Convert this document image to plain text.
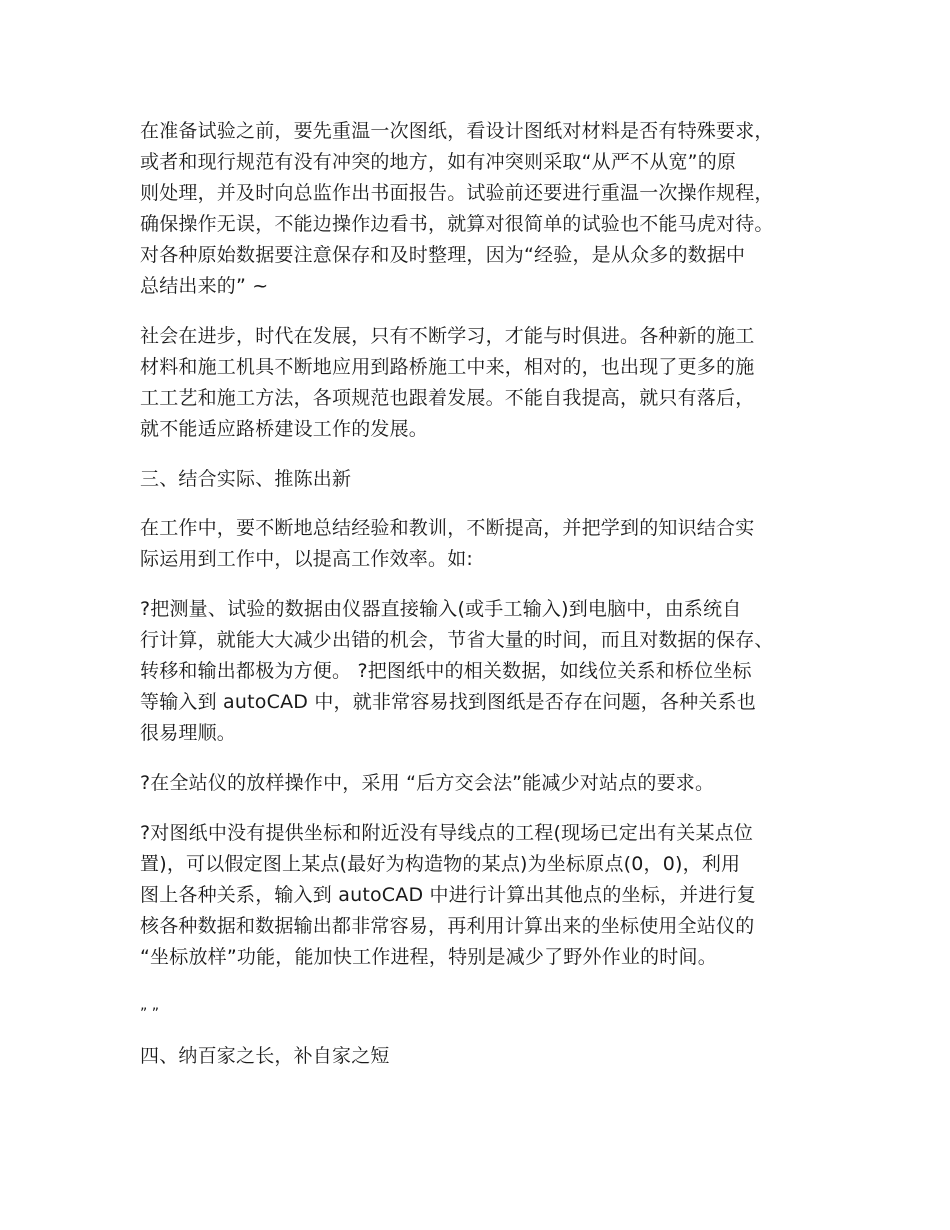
在准备试验之前，要先重温一次图纸，看设计图纸对材料是否有特殊要求，
或者和现行规范有没有冲突的地方，如有冲突则采取“从严不从宽”的原
则处理，并及时向总监作出书面报告。试验前还要进行重温一次操作规程，
确保操作无误，不能边操作边看书，就算对很简单的试验也不能马虎对待。
对各种原始数据要注意保存和及时整理，因为“经验，是从众多的数据中
总结出来的” ~
社会在进步，时代在发展，只有不断学习，才能与时俱进。各种新的施工
材料和施工机具不断地应用到路桥施工中来，相对的，也出现了更多的施
工工艺和施工方法，各项规范也跟着发展。不能自我提高，就只有落后，
就不能适应路桥建设工作的发展。
三、结合实际、推陈出新
在工作中，要不断地总结经验和教训，不断提高，并把学到的知识结合实
际运用到工作中，以提高工作效率。如:
?把测量、试验的数据由仪器直接输入(或手工输入)到电脑中，由系统自
行计算，就能大大减少出错的机会，节省大量的时间，而且对数据的保存、
转移和输出都极为方便。 ?把图纸中的相关数据，如线位关系和桥位坐标
等输入到 autoCAD 中，就非常容易找到图纸是否存在问题，各种关系也
很易理顺。
?在全站仪的放样操作中，采用 “后方交会法”能减少对站点的要求。
?对图纸中没有提供坐标和附近没有导线点的工程(现场已定出有关某点位
置)，可以假定图上某点(最好为构造物的某点)为坐标原点(0，0)，利用
图上各种关系，输入到 autoCAD 中进行计算出其他点的坐标，并进行复
核各种数据和数据输出都非常容易，再利用计算出来的坐标使用全站仪的
“坐标放样”功能，能加快工作进程，特别是减少了野外作业的时间。
” ”
四、纳百家之长，补自家之短
